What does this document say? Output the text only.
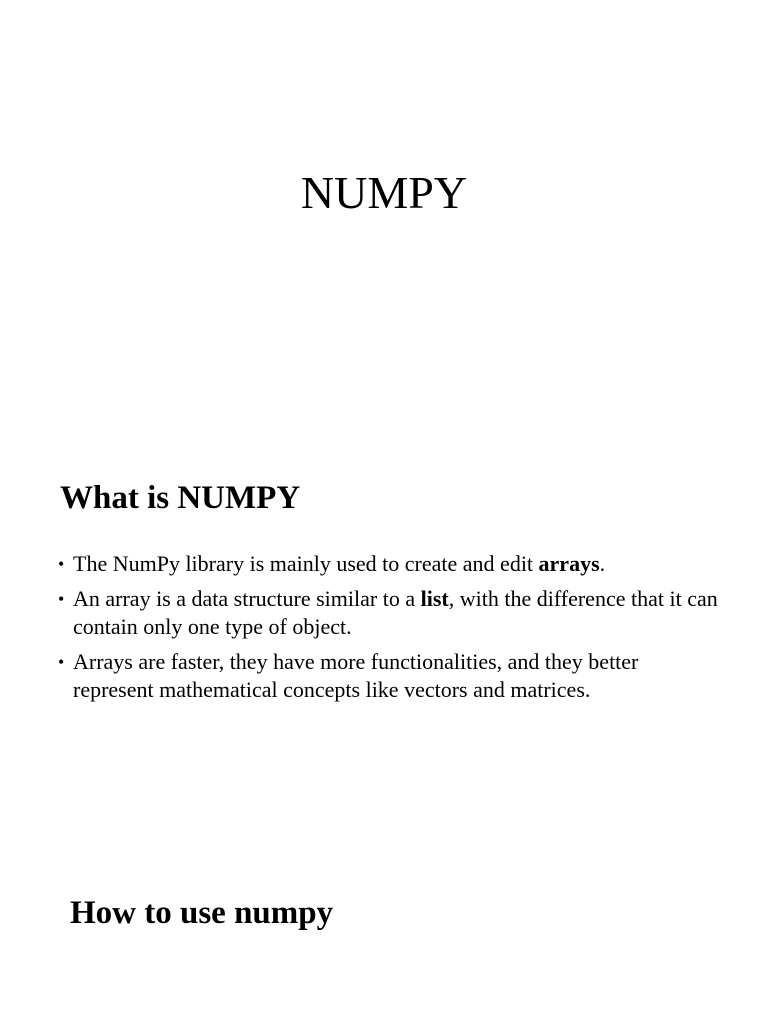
NUMPY
What is NUMPY
• The NumPy library is mainly used to create and edit arrays.
• An array is a data structure similar to a list, with the difference that it can contain only one type of object.
• Arrays are faster, they have more functionalities, and they better represent mathematical concepts like vectors and matrices.
How to use numpy
